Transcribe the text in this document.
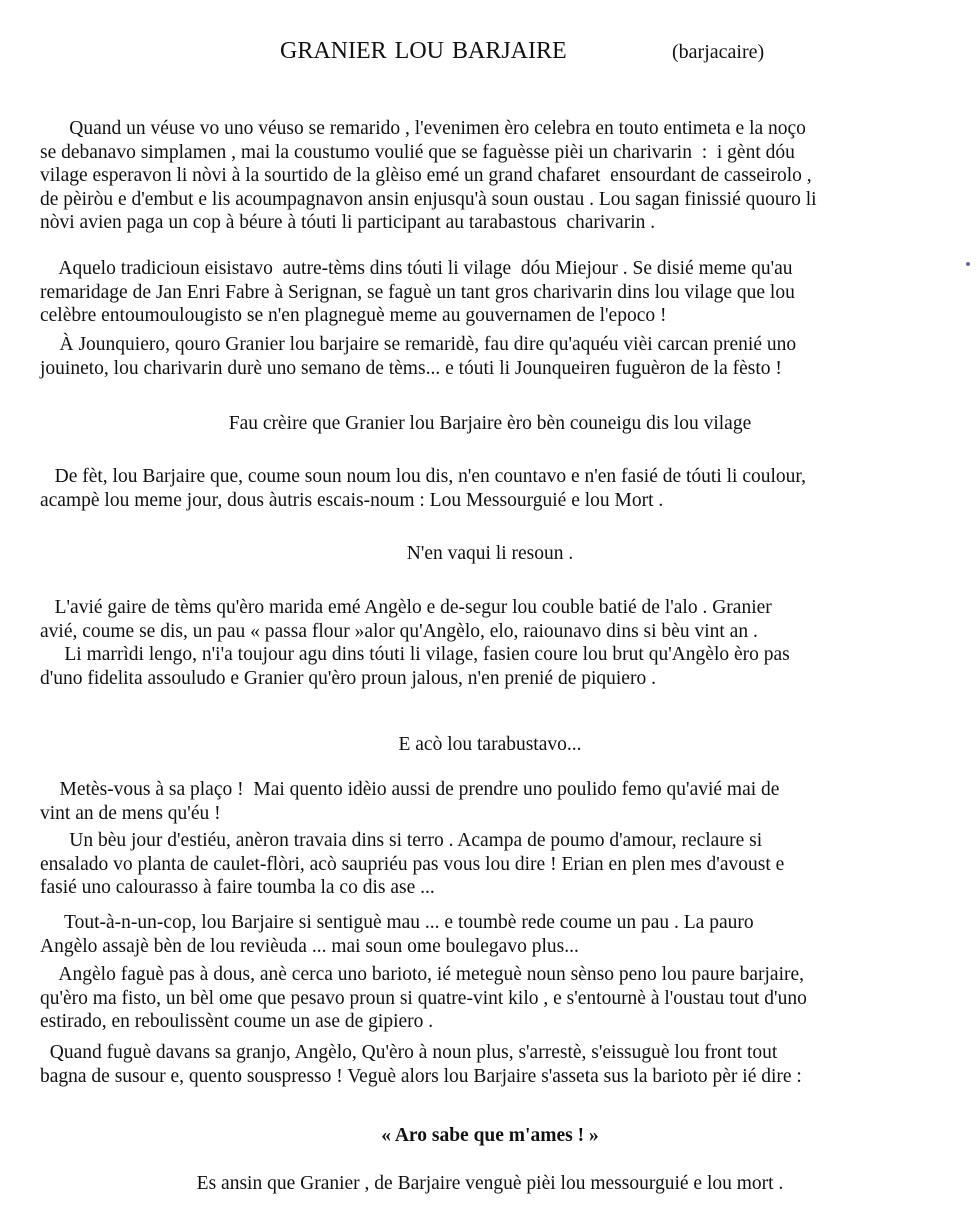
GRANIER LOU BARJAIRE	(barjacaire)
Quand un véuse vo uno véuso se remarido , l'evenimen èro celebra en touto entimeta e la noço
se debanavo simplamen , mai la coustumo voulié que se faguèsse pièi un charivarin  :  i gènt dóu
vilage esperavon li nòvi à la sourtido de la glèiso emé un grand chafaret  ensourdant de casseirolo ,
de pèiròu e d'embut e lis acoumpagnavon ansin enjusqu'à soun oustau . Lou sagan finissié quouro li
nòvi avien paga un cop à béure à tóuti li participant au tarabastous  charivarin .
Aquelo tradicioun eisistavo  autre-tèms dins tóuti li vilage  dóu Miejour . Se disié meme qu'au
remaridage de Jan Enri Fabre à Serignan, se faguè un tant gros charivarin dins lou vilage que lou
celèbre entoumoulougisto se n'en plagneguè meme au gouvernamen de l'epoco !
À Jounquiero, qouro Granier lou barjaire se remaridè, fau dire qu'aquéu vièi carcan prenié uno
jouineto, lou charivarin durè uno semano de tèms... e tóuti li Jounqueiren fuguèron de la fèsto !

Fau crèire que Granier lou Barjaire èro bèn couneigu dis lou vilage

De fèt, lou Barjaire que, coume soun noum lou dis, n'en countavo e n'en fasié de tóuti li coulour,
acampè lou meme jour, dous àutris escais-noum : Lou Messourguié e lou Mort .

N'en vaqui li resoun .

L'avié gaire de tèms qu'èro marida emé Angèlo e de-segur lou couble batié de l'alo . Granier
avié, coume se dis, un pau « passa flour »alor qu'Angèlo, elo, raiounavo dins si bèu vint an .
Li marrìdi lengo, n'i'a toujour agu dins tóuti li vilage, fasien coure lou brut qu'Angèlo èro pas
d'uno fidelita assouludo e Granier qu'èro proun jalous, n'en prenié de piquiero .

E acò lou tarabustavo...

Metès-vous à sa plaço !  Mai quento idèio aussi de prendre uno poulido femo qu'avié mai de
vint an de mens qu'éu !
Un bèu jour d'estiéu, anèron travaia dins si terro . Acampa de poumo d'amour, reclaure si
ensalado vo planta de caulet-flòri, acò saupriéu pas vous lou dire ! Erian en plen mes d'avoust e
fasié uno calourasso à faire toumba la co dis ase ...
Tout-à-n-un-cop, lou Barjaire si sentiguè mau ... e toumbè rede coume un pau . La pauro
Angèlo assajè bèn de lou revièuda ... mai soun ome boulegavo plus...
Angèlo faguè pas à dous, anè cerca uno barioto, ié meteguè noun sènso peno lou paure barjaire,
qu'èro ma fisto, un bèl ome que pesavo proun si quatre-vint kilo , e s'entournè à l'oustau tout d'uno
estirado, en reboulissènt coume un ase de gipiero .
Quand fuguè davans sa granjo, Angèlo, Qu'èro à noun plus, s'arrestè, s'eissuguè lou front tout
bagna de susour e, quento souspresso ! Veguè alors lou Barjaire s'asseta sus la barioto pèr ié dire :

« Aro sabe que m'ames ! »

Es ansin que Granier , de Barjaire venguè pièi lou messourguié e lou mort .
